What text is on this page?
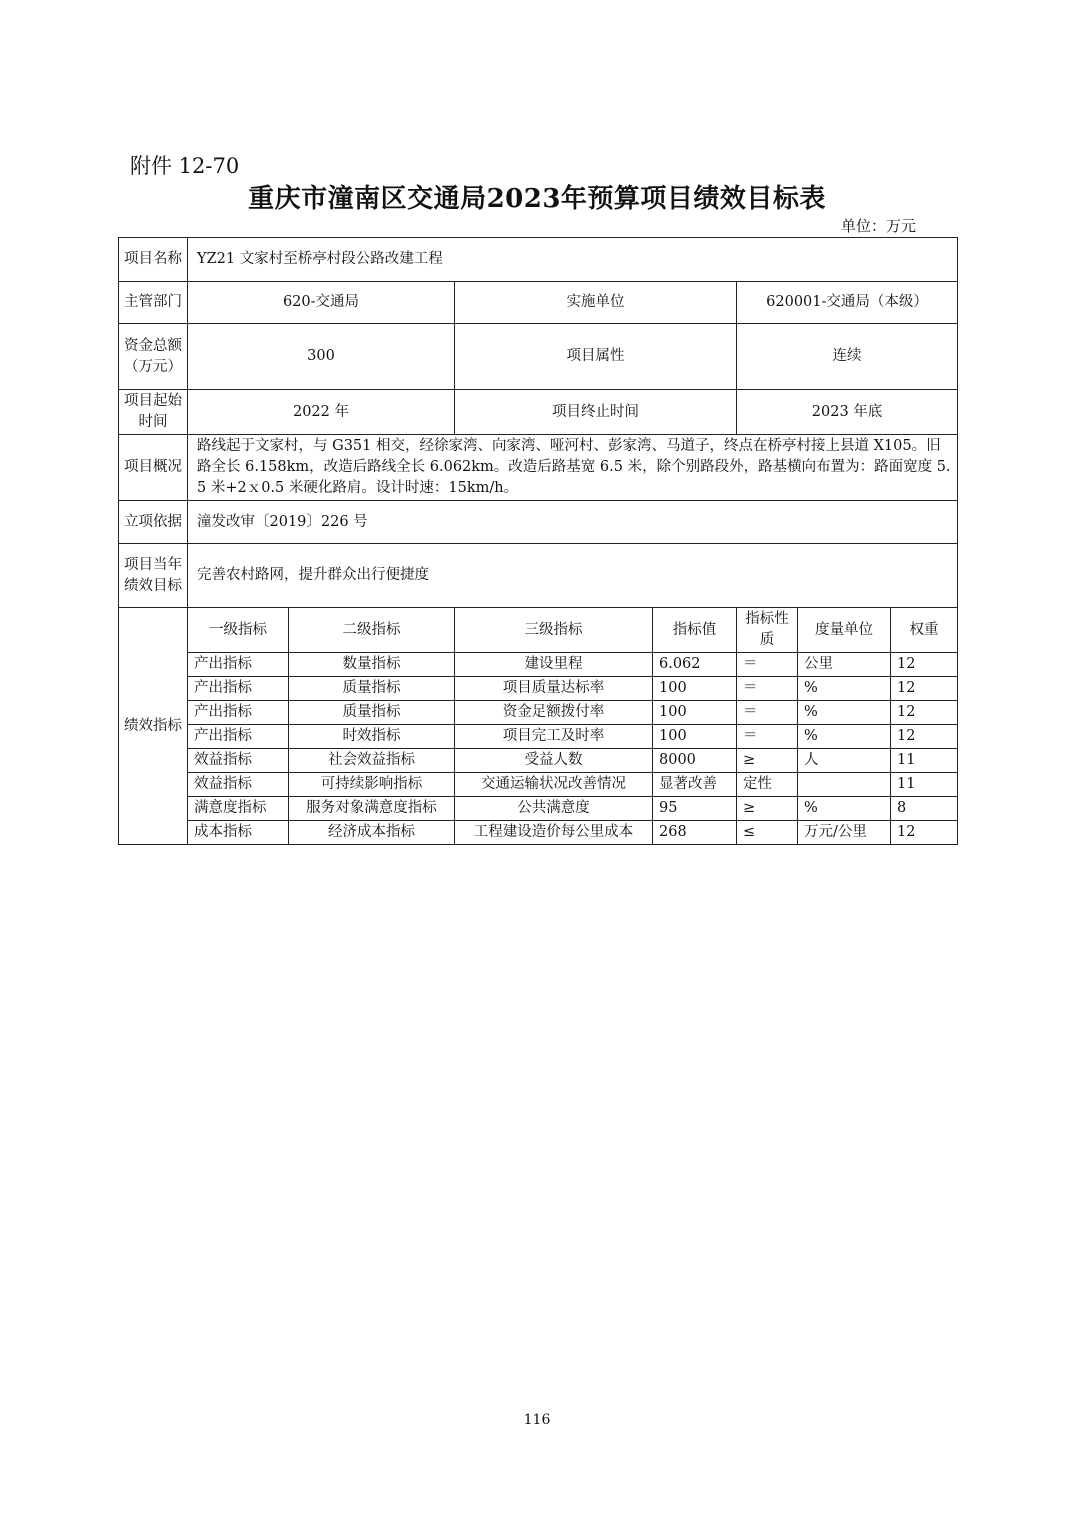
附件 12-70
重庆市潼南区交通局2023年预算项目绩效目标表
单位：万元
项目名称	YZ21 文家村至桥亭村段公路改建工程						
主管部门	620-交通局		实施单位		620001-交通局（本级）		
资金总额（万元）	300		项目属性		连续		
项目起始时间	2022 年		项目终止时间		2023 年底		
项目概况	路线起于文家村，与 G351 相交，经徐家湾、向家湾、哑河村、彭家湾、马道子，终点在桥亭村接上县道 X105。旧路全长 6.158km，改造后路线全长 6.062km。改造后路基宽 6.5 米，除个别路段外，路基横向布置为：路面宽度 5.5 米+2ｘ0.5 米硬化路肩。设计时速：15km/h。						
立项依据	潼发改审〔2019〕226 号						
项目当年绩效目标	完善农村路网，提升群众出行便捷度						
绩效指标	一级指标	二级指标	三级指标	指标值	指标性质	度量单位	权重
	产出指标	数量指标	建设里程	6.062	＝	公里	12
	产出指标	质量指标	项目质量达标率	100	＝	%	12
	产出指标	质量指标	资金足额拨付率	100	＝	%	12
	产出指标	时效指标	项目完工及时率	100	＝	%	12
	效益指标	社会效益指标	受益人数	8000	≥	人	11
	效益指标	可持续影响指标	交通运输状况改善情况	显著改善	定性		11
	满意度指标	服务对象满意度指标	公共满意度	95	≥	%	8
	成本指标	经济成本指标	工程建设造价每公里成本	268	≤	万元/公里	12
116
